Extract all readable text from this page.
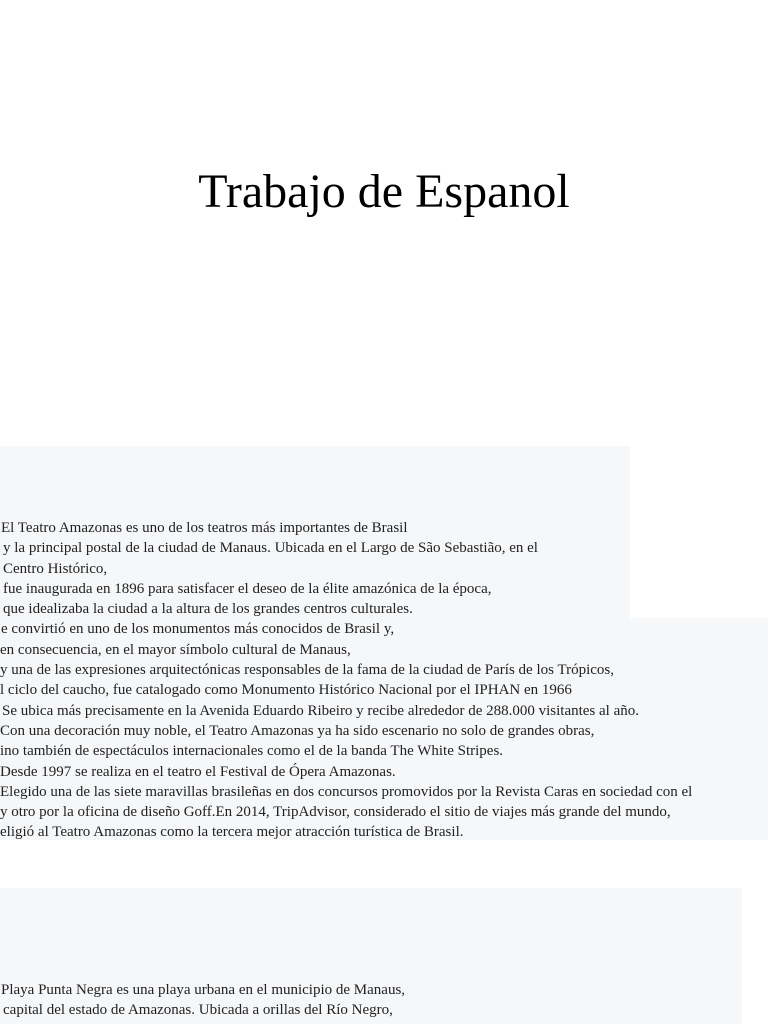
Trabajo de Espanol
El Teatro Amazonas es uno de los teatros más importantes de Brasil
y la principal postal de la ciudad de Manaus. Ubicada en el Largo de São Sebastião, en el
Centro Histórico,
fue inaugurada en 1896 para satisfacer el deseo de la élite amazónica de la época,
que idealizaba la ciudad a la altura de los grandes centros culturales.
e convirtió en uno de los monumentos más conocidos de Brasil y,
en consecuencia, en el mayor símbolo cultural de Manaus,
y una de las expresiones arquitectónicas responsables de la fama de la ciudad de París de los Trópicos,
l ciclo del caucho, fue catalogado como Monumento Histórico Nacional por el IPHAN en 1966
Se ubica más precisamente en la Avenida Eduardo Ribeiro y recibe alrededor de 288.000 visitantes al año.
Con una decoración muy noble, el Teatro Amazonas ya ha sido escenario no solo de grandes obras,
ino también de espectáculos internacionales como el de la banda The White Stripes.
Desde 1997 se realiza en el teatro el Festival de Ópera Amazonas.
Elegido una de las siete maravillas brasileñas en dos concursos promovidos por la Revista Caras en sociedad con el
y otro por la oficina de diseño Goff.En 2014, TripAdvisor, considerado el sitio de viajes más grande del mundo,
eligió al Teatro Amazonas como la tercera mejor atracción turística de Brasil.
Playa Punta Negra es una playa urbana en el municipio de Manaus,
capital del estado de Amazonas. Ubicada a orillas del Río Negro,
